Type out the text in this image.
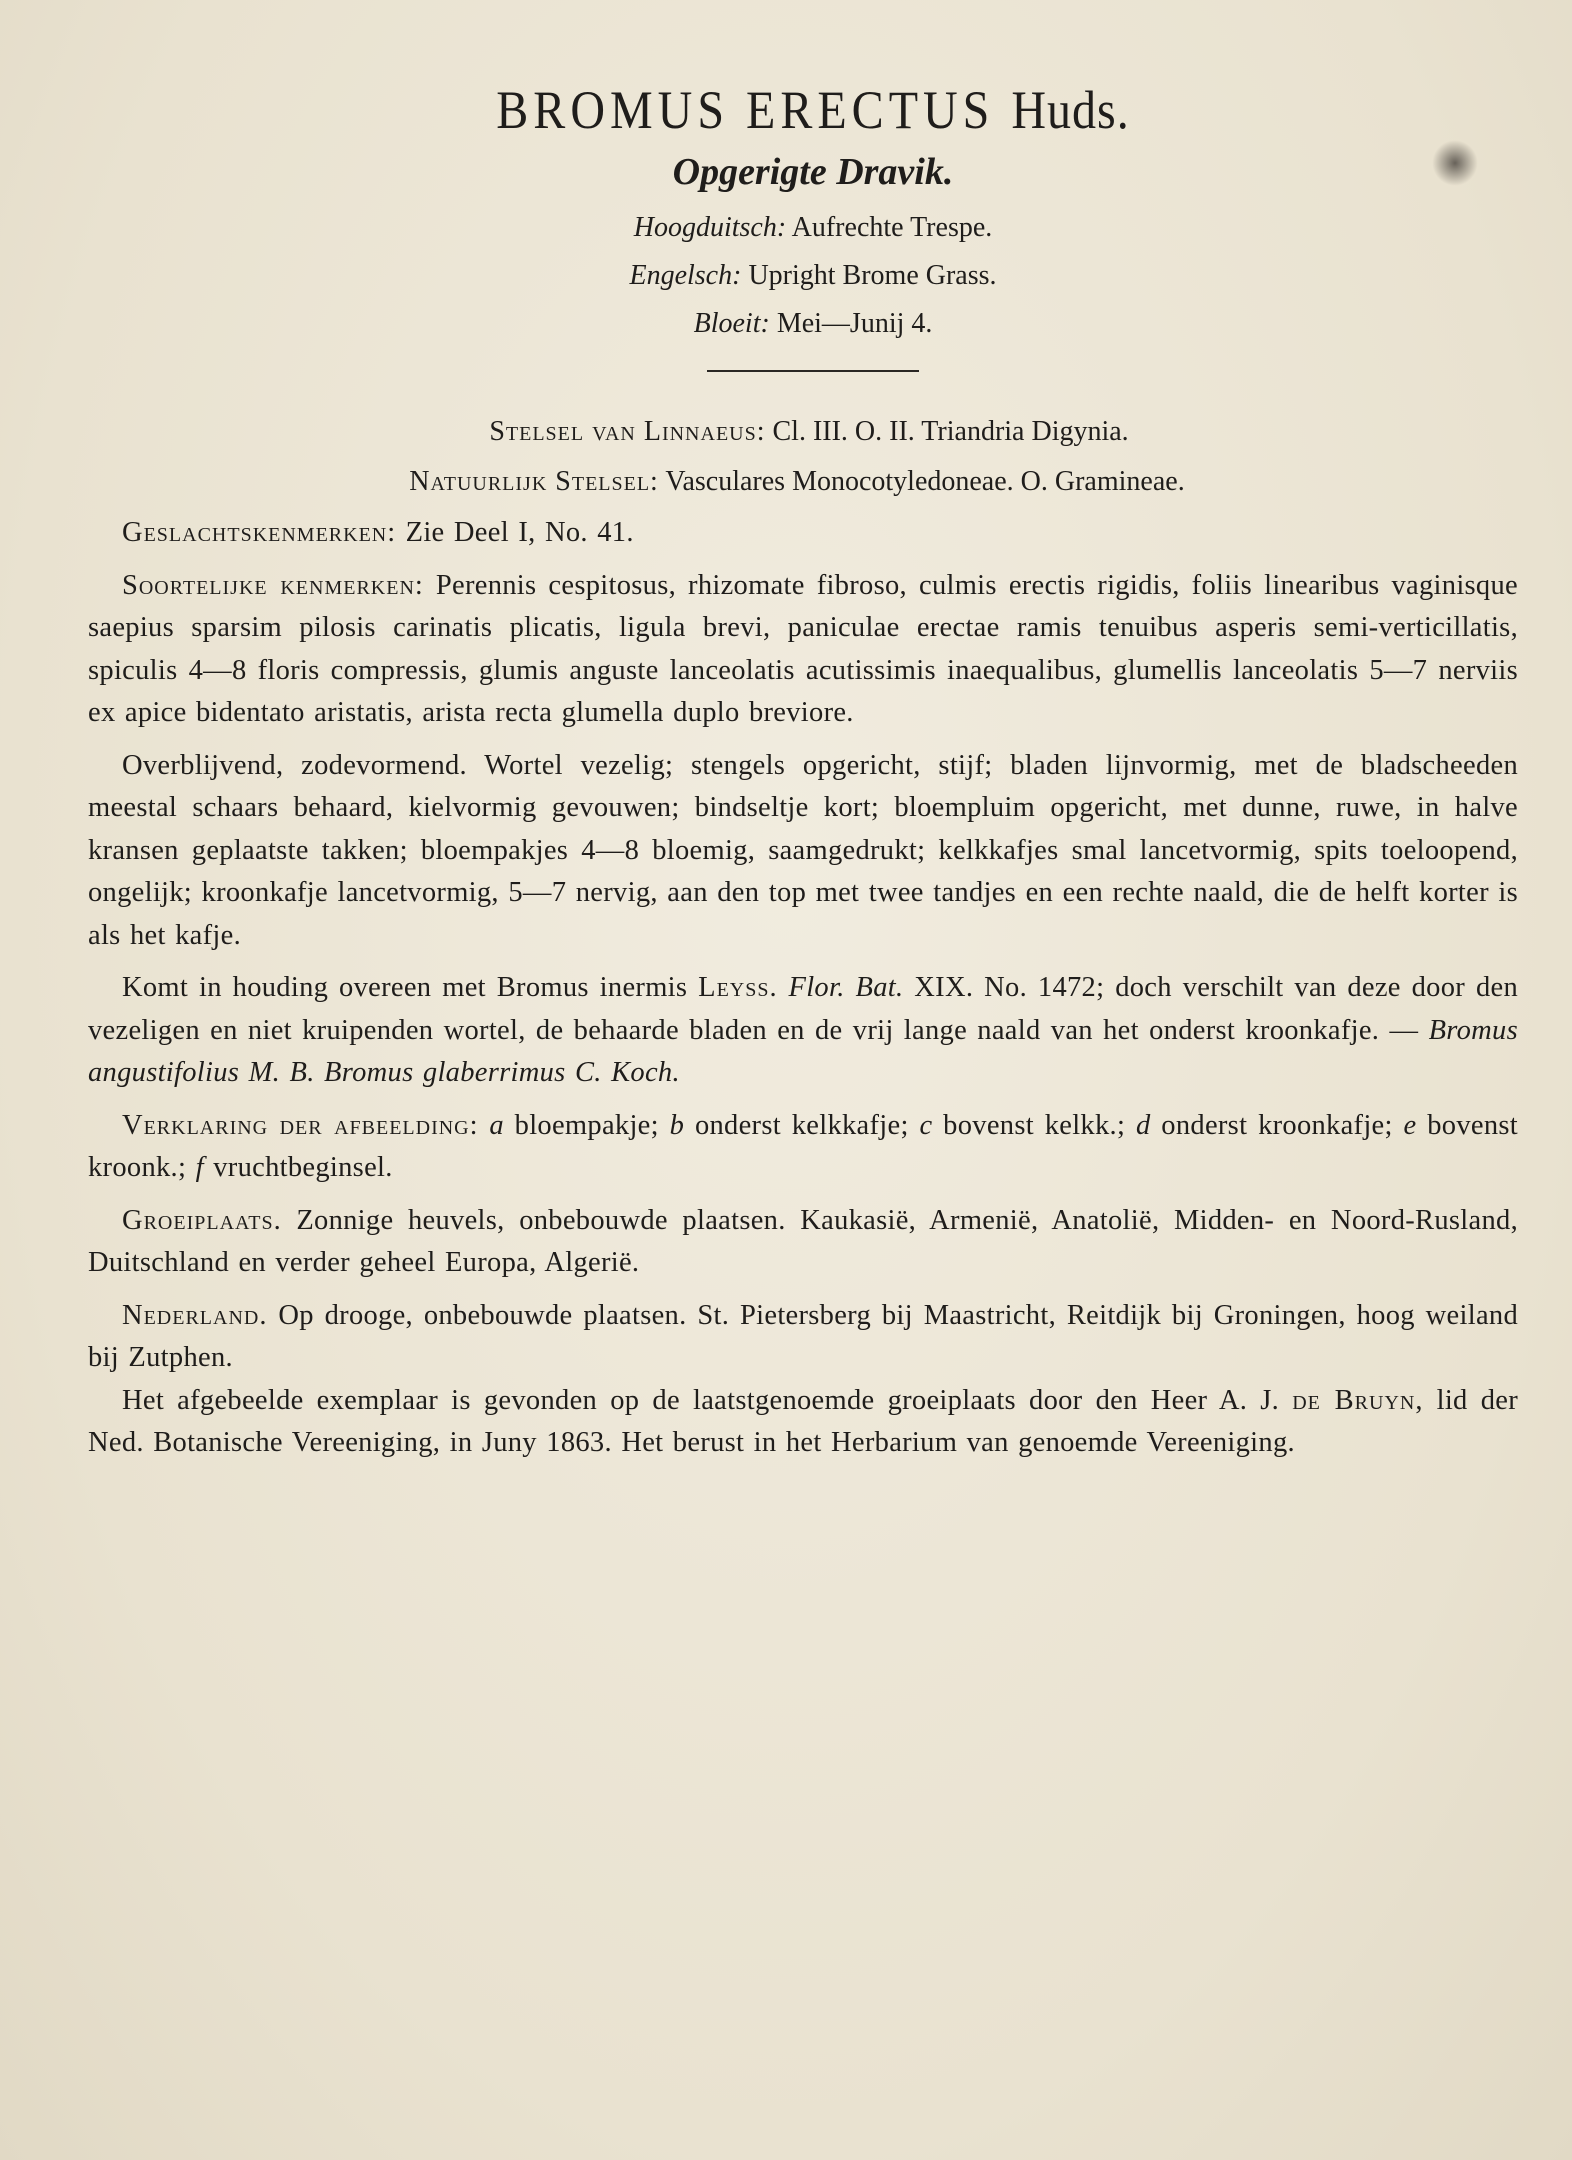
BROMUS ERECTUS Huds.
Opgerigte Dravik.
Hoogduitsch: Aufrechte Trespe.
Engelsch: Upright Brome Grass.
Bloeit: Mei—Junij 4.
Stelsel van Linnaeus: Cl. III. O. II. Triandria Digynia.
Natuurlijk Stelsel: Vasculares Monocotyledoneae. O. Gramineae.

Geslachtskenmerken: Zie Deel I, No. 41.

Soortelijke kenmerken: Perennis cespitosus, rhizomate fibroso, culmis erectis rigidis, foliis linearibus vaginisque saepius sparsim pilosis carinatis plicatis, ligula brevi, paniculae erectae ramis tenuibus asperis semi-verticillatis, spiculis 4—8 floris compressis, glumis anguste lanceolatis acutissimis inaequalibus, glumellis lanceolatis 5—7 nerviis ex apice bidentato aristatis, arista recta glumella duplo breviore.

Overblijvend, zodevormend. Wortel vezelig; stengels opgericht, stijf; bladen lijnvormig, met de bladscheeden meestal schaars behaard, kielvormig gevouwen; bindseltje kort; bloempluim opgericht, met dunne, ruwe, in halve kransen geplaatste takken; bloempakjes 4—8 bloemig, saamgedrukt; kelkkafjes smal lancetvormig, spits toeloopend, ongelijk; kroonkafje lancetvormig, 5—7 nervig, aan den top met twee tandjes en een rechte naald, die de helft korter is als het kafje.

Komt in houding overeen met Bromus inermis Leyss. Flor. Bat. XIX. No. 1472; doch verschilt van deze door den vezeligen en niet kruipenden wortel, de behaarde bladen en de vrij lange naald van het onderst kroonkafje. — Bromus angustifolius M. B. Bromus glaberrimus C. Koch.

Verklaring der afbeelding: a bloempakje; b onderst kelkkafje; c bovenst kelkk.; d onderst kroonkafje; e bovenst kroonk.; f vruchtbeginsel.

Groeiplaats. Zonnige heuvels, onbebouwde plaatsen. Kaukasië, Armenië, Anatolië, Midden- en Noord-Rusland, Duitschland en verder geheel Europa, Algerië.

Nederland. Op drooge, onbebouwde plaatsen. St. Pietersberg bij Maastricht, Reitdijk bij Groningen, hoog weiland bij Zutphen.

Het afgebeelde exemplaar is gevonden op de laatstgenoemde groeiplaats door den Heer A. J. de Bruyn, lid der Ned. Botanische Vereeniging, in Juny 1863. Het berust in het Herbarium van genoemde Vereeniging.
